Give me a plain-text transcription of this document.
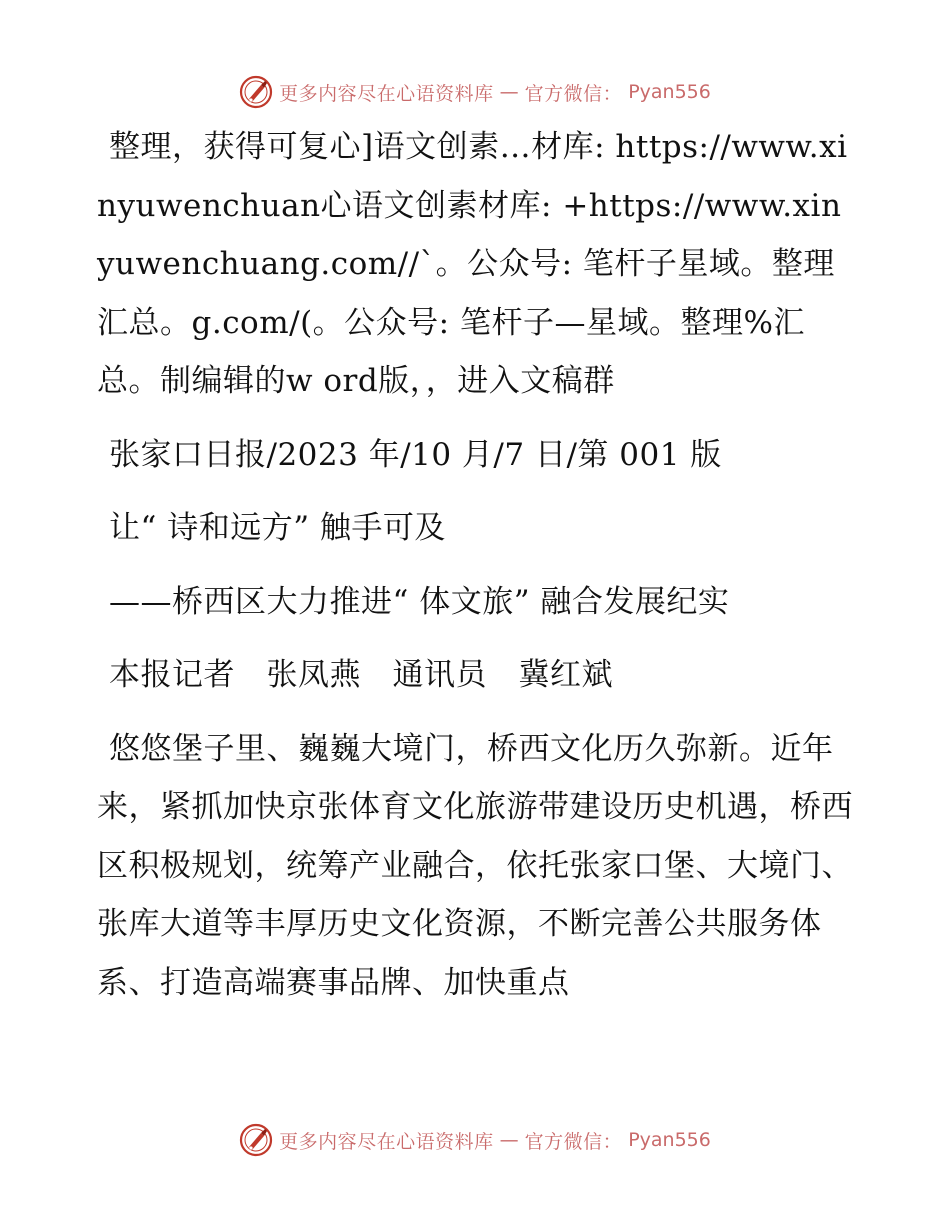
更多内容尽在心语资料库 — 官方微信： Pyan556

整理，获得可复心]语文创素…材库: https://www.xinyuwenchuan心语文创素材库: +https://www.xinyuwenchuang.com//`。公众号: 笔杆子星域。整理汇总。g.com/(。公众号: 笔杆子—星域。整理%汇总。制编辑的w ord版，，进入文稿群

张家口日报/2023 年/10 月/7 日/第 001 版

让“ 诗和远方” 触手可及

——桥西区大力推进“ 体文旅” 融合发展纪实

本报记者　张凤燕　通讯员　冀红斌

悠悠堡子里、巍巍大境门，桥西文化历久弥新。近年来，紧抓加快京张体育文化旅游带建设历史机遇，桥西区积极规划，统筹产业融合，依托张家口堡、大境门、张库大道等丰厚历史文化资源，不断完善公共服务体系、打造高端赛事品牌、加快重点

更多内容尽在心语资料库 — 官方微信： Pyan556
